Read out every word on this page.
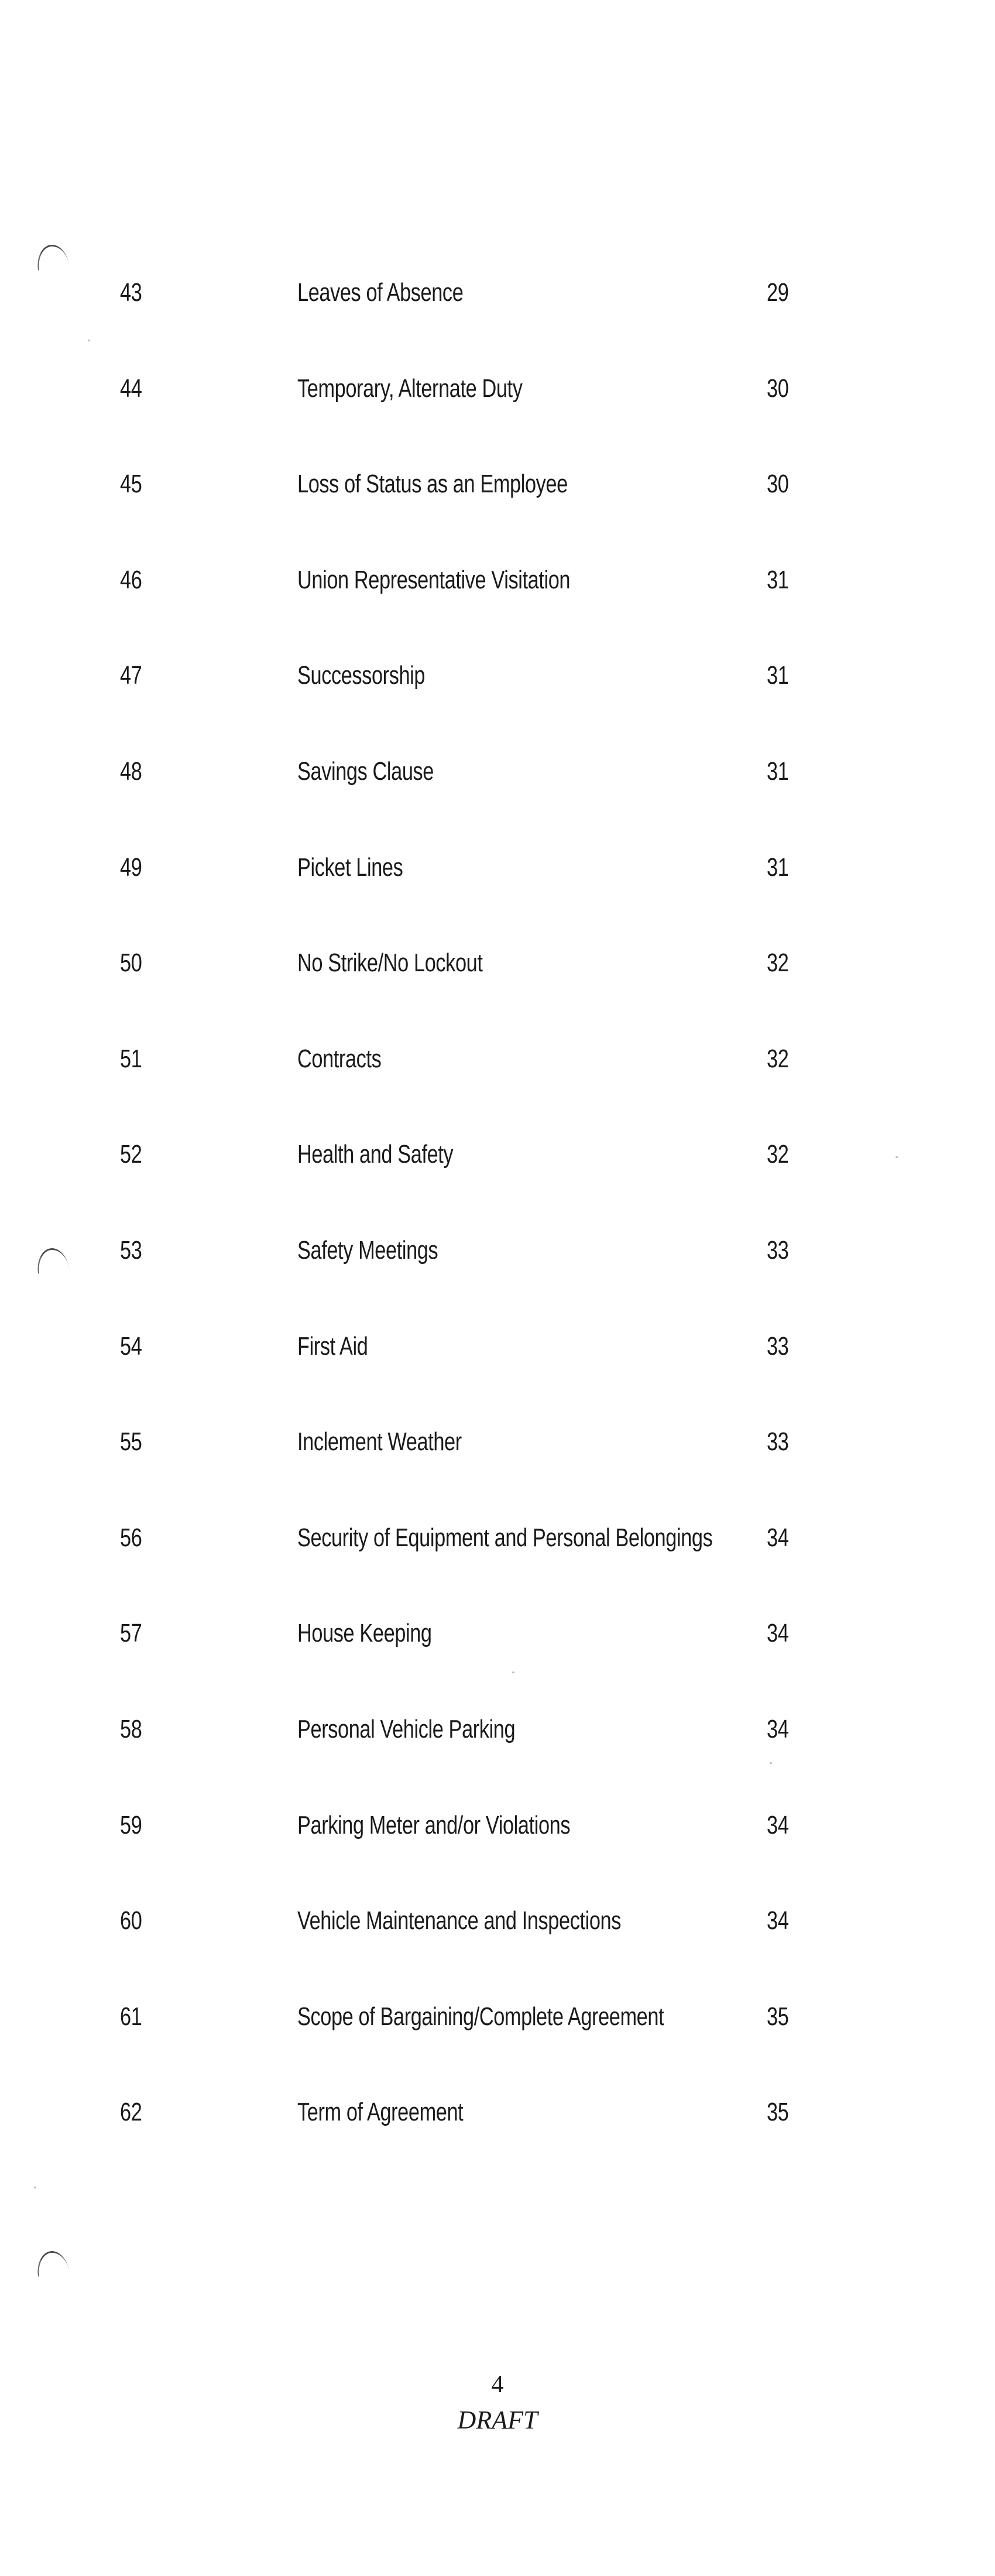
43	Leaves of Absence	29
44	Temporary, Alternate Duty	30
45	Loss of Status as an Employee	30
46	Union Representative Visitation	31
47	Successorship	31
48	Savings Clause	31
49	Picket Lines	31
50	No Strike/No Lockout	32
51	Contracts	32
52	Health and Safety	32
53	Safety Meetings	33
54	First Aid	33
55	Inclement Weather	33
56	Security of Equipment and Personal Belongings 34
57	House Keeping	34
58	Personal Vehicle Parking	34
59	Parking Meter and/or Violations	34
60	Vehicle Maintenance and Inspections	34
61	Scope of Bargaining/Complete Agreement	35
62	Term of Agreement	35
4
DRAFT
